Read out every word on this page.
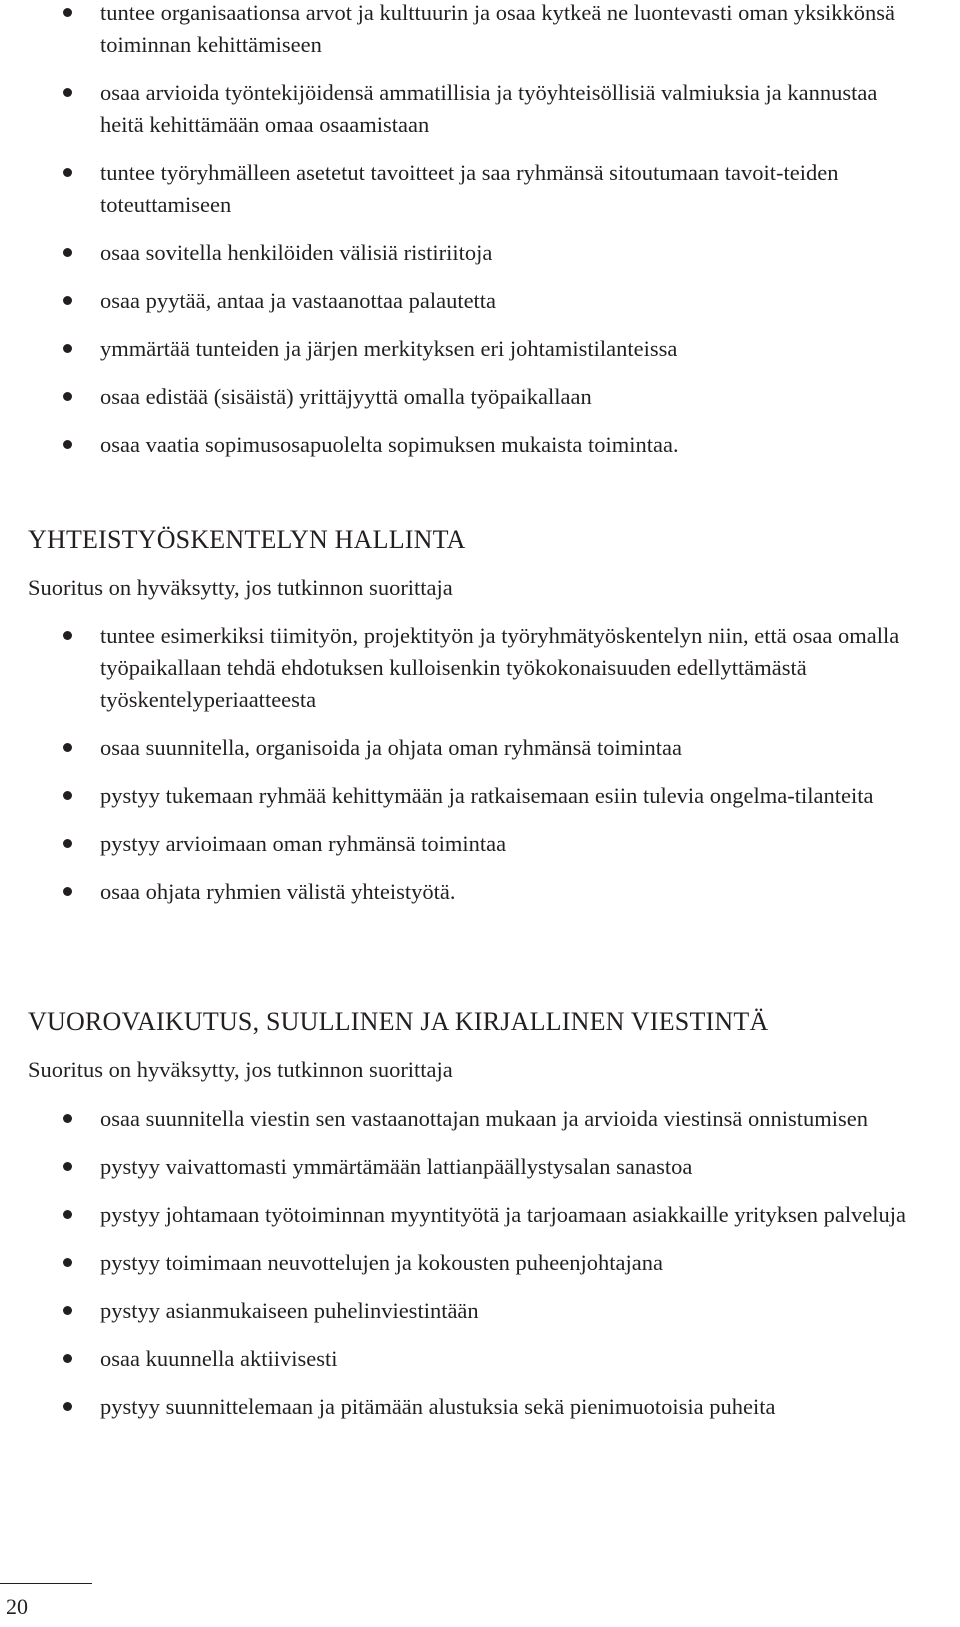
tuntee organisaationsa arvot ja kulttuurin ja osaa kytkeä ne luontevasti oman yksikkönsä toiminnan kehittämiseen
osaa arvioida työntekijöidensä ammatillisia ja työyhteisöllisiä valmiuksia ja kannustaa heitä kehittämään omaa osaamistaan
tuntee työryhmälleen asetetut tavoitteet ja saa ryhmänsä sitoutumaan tavoit-teiden toteuttamiseen
osaa sovitella henkilöiden välisiä ristiriitoja
osaa pyytää, antaa ja vastaanottaa palautetta
ymmärtää tunteiden ja järjen merkityksen eri johtamistilanteissa
osaa edistää (sisäistä) yrittäjyyttä omalla työpaikallaan
osaa vaatia sopimusosapuolelta sopimuksen mukaista toimintaa.
YHTEISTYÖSKENTELYN HALLINTA
Suoritus on hyväksytty, jos tutkinnon suorittaja
tuntee esimerkiksi tiimityön, projektityön ja työryhmätyöskentelyn niin, että osaa omalla työpaikallaan tehdä ehdotuksen kulloisenkin työkokonaisuuden edellyttämästä työskentelyperiaatteesta
osaa suunnitella, organisoida ja ohjata oman ryhmänsä toimintaa
pystyy tukemaan ryhmää kehittymään ja ratkaisemaan esiin tulevia ongelma-tilanteita
pystyy arvioimaan oman ryhmänsä toimintaa
osaa ohjata ryhmien välistä yhteistyötä.
VUOROVAIKUTUS, SUULLINEN JA KIRJALLINEN VIESTINTÄ
Suoritus on hyväksytty, jos tutkinnon suorittaja
osaa suunnitella viestin sen vastaanottajan mukaan ja arvioida viestinsä onnistumisen
pystyy vaivattomasti ymmärtämään lattianpäällystysalan sanastoa
pystyy johtamaan työtoiminnan myyntityötä ja tarjoamaan asiakkaille yrityksen palveluja
pystyy toimimaan neuvottelujen ja kokousten puheenjohtajana
pystyy asianmukaiseen puhelinviestintään
osaa kuunnella aktiivisesti
pystyy suunnittelemaan ja pitämään alustuksia sekä pienimuotoisia puheita
20
